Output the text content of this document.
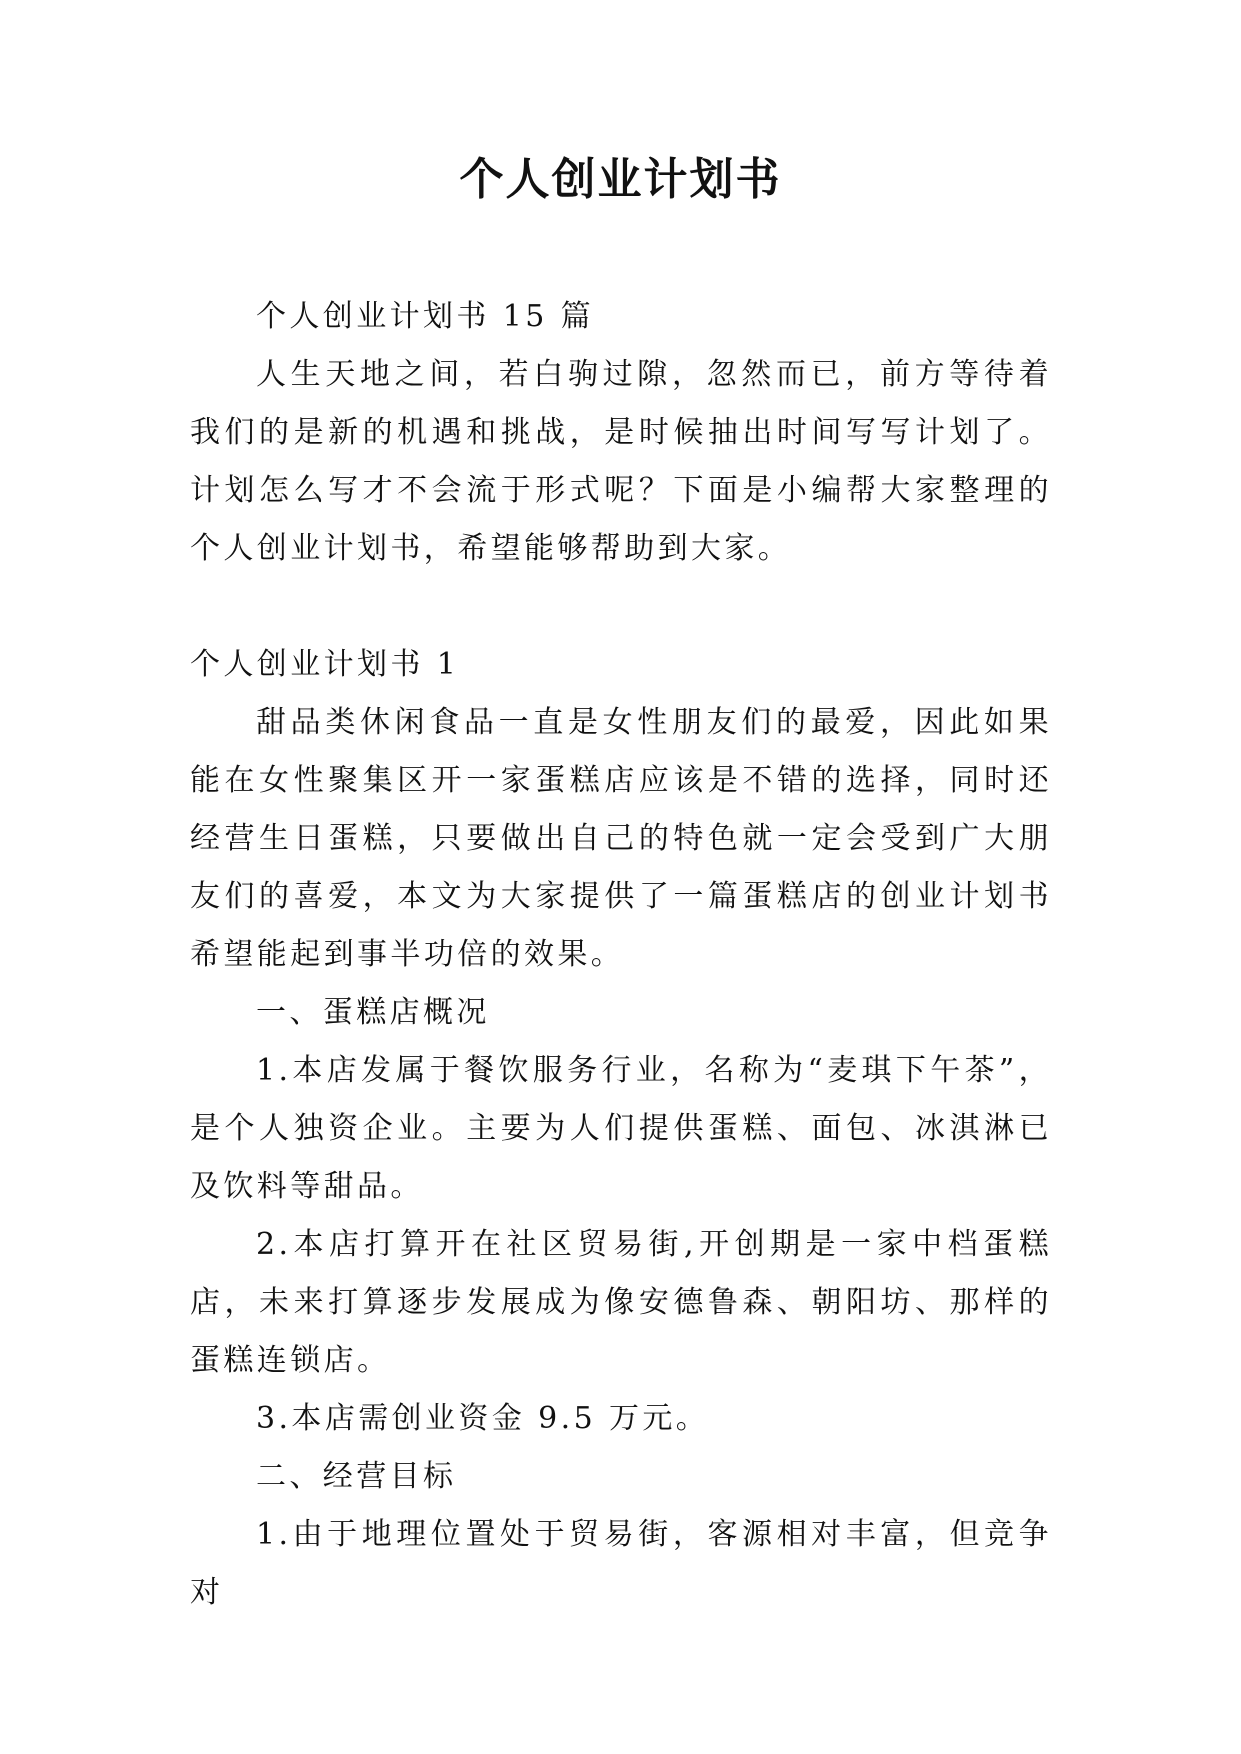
个人创业计划书

个人创业计划书 15 篇

人生天地之间，若白驹过隙，忽然而已，前方等待着我们的是新的机遇和挑战，是时候抽出时间写写计划了。计划怎么写才不会流于形式呢？下面是小编帮大家整理的个人创业计划书，希望能够帮助到大家。

个人创业计划书 1

甜品类休闲食品一直是女性朋友们的最爱，因此如果能在女性聚集区开一家蛋糕店应该是不错的选择，同时还经营生日蛋糕，只要做出自己的特色就一定会受到广大朋友们的喜爱，本文为大家提供了一篇蛋糕店的创业计划书希望能起到事半功倍的效果。

一、蛋糕店概况

1.本店发属于餐饮服务行业，名称为“麦琪下午茶”，是个人独资企业。主要为人们提供蛋糕、面包、冰淇淋已及饮料等甜品。

2.本店打算开在社区贸易街,开创期是一家中档蛋糕店，未来打算逐步发展成为像安德鲁森、朝阳坊、那样的蛋糕连锁店。

3.本店需创业资金 9.5 万元。

二、经营目标

1.由于地理位置处于贸易街，客源相对丰富，但竞争对
